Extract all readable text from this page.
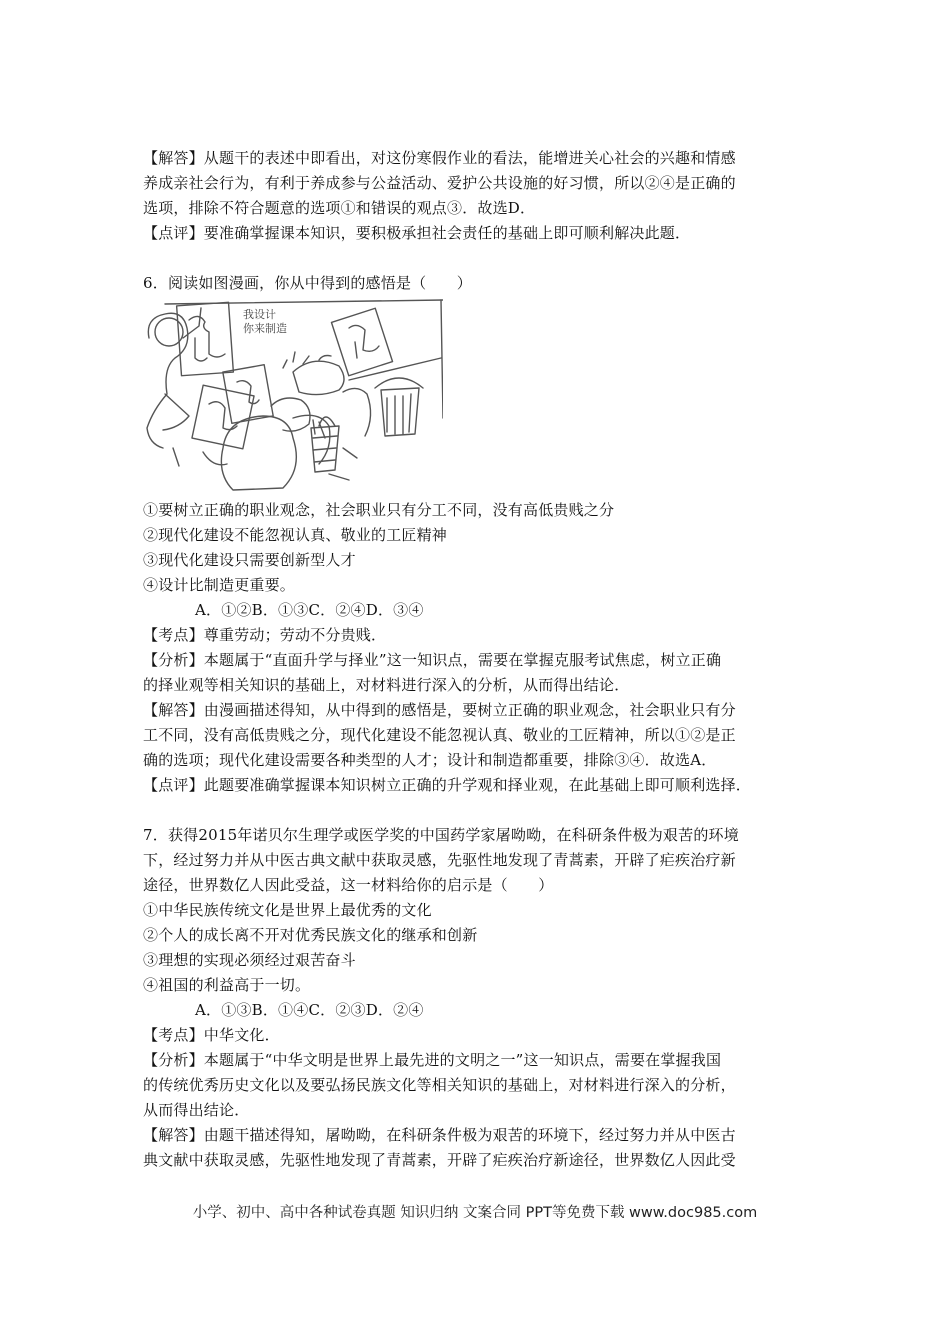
【解答】从题干的表述中即看出，对这份寒假作业的看法，能增进关心社会的兴趣和情感
养成亲社会行为，有利于养成参与公益活动、爱护公共设施的好习惯，所以②④是正确的
选项，排除不符合题意的选项①和错误的观点③．故选D．
【点评】要准确掌握课本知识，要积极承担社会责任的基础上即可顺利解决此题．
6．阅读如图漫画，你从中得到的感悟是（　　）
我设计
你来制造
①要树立正确的职业观念，社会职业只有分工不同，没有高低贵贱之分
②现代化建设不能忽视认真、敬业的工匠精神
③现代化建设只需要创新型人才
④设计比制造更重要。
A．①②B．①③C．②④D．③④
【考点】尊重劳动；劳动不分贵贱．
【分析】本题属于“直面升学与择业”这一知识点，需要在掌握克服考试焦虑，树立正确
的择业观等相关知识的基础上，对材料进行深入的分析，从而得出结论．
【解答】由漫画描述得知，从中得到的感悟是，要树立正确的职业观念，社会职业只有分
工不同，没有高低贵贱之分，现代化建设不能忽视认真、敬业的工匠精神，所以①②是正
确的选项；现代化建设需要各种类型的人才；设计和制造都重要，排除③④．故选A．
【点评】此题要准确掌握课本知识树立正确的升学观和择业观，在此基础上即可顺利选择．
7．获得2015年诺贝尔生理学或医学奖的中国药学家屠呦呦，在科研条件极为艰苦的环境
下，经过努力并从中医古典文献中获取灵感，先驱性地发现了青蒿素，开辟了疟疾治疗新
途径，世界数亿人因此受益，这一材料给你的启示是（　　）
①中华民族传统文化是世界上最优秀的文化
②个人的成长离不开对优秀民族文化的继承和创新
③理想的实现必须经过艰苦奋斗
④祖国的利益高于一切。
A．①③B．①④C．②③D．②④
【考点】中华文化．
【分析】本题属于“中华文明是世界上最先进的文明之一”这一知识点，需要在掌握我国
的传统优秀历史文化以及要弘扬民族文化等相关知识的基础上，对材料进行深入的分析，
从而得出结论．
【解答】由题干描述得知，屠呦呦，在科研条件极为艰苦的环境下，经过努力并从中医古
典文献中获取灵感，先驱性地发现了青蒿素，开辟了疟疾治疗新途径，世界数亿人因此受
小学、初中、高中各种试卷真题 知识归纳 文案合同 PPT等免费下载 www.doc985.com
